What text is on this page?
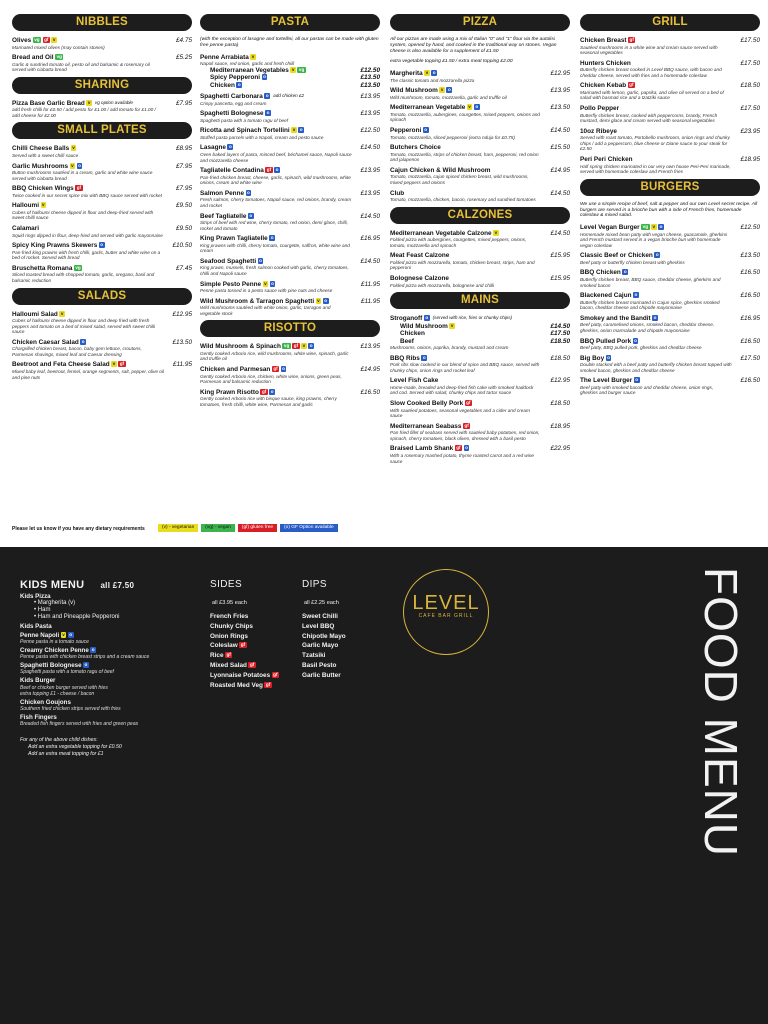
NIBBLES
Olives vg gf v	£4.75
Marinated mixed olives (may contain stones)
Bread and Oil vg	£5.25
Garlic & sundried tomato oil, pesto oil and balsamic & rosemary oil served with ciabatta bread
SHARING
Pizza Base Garlic Bread v vg option available	£7.95
add fresh chilli for £0.50 / add pesto for £1.00 / add tomato for £1.00 / add cheese for £2.00
SMALL PLATES
Chilli Cheese Balls v	£8.95
Served with a sweet chilli sauce
Garlic Mushrooms v o	£7.95
Button mushrooms sautéed in a cream, garlic and white wine sauce served with ciabatta bread
BBQ Chicken Wings gf	£7.95
Twice cooked in our secret spice mix with BBQ sauce served with rocket
Halloumi v	£9.50
Cubes of halloumi cheese dipped in flour and deep-fried served with sweet chilli sauce
Calamari	£9.50
Squid rings dipped in flour, deep-fried and served with garlic mayonnaise
Spicy King Prawns Skewers o	£10.50
Pan-fried king prawns with fresh chilli, garlic, butter and white wine on a bed of rocket. Served with bread
Bruschetta Romana vg	£7.45
Sliced toasted bread with chopped tomato, garlic, oregano, basil and balsamic reduction
SALADS
Halloumi Salad v	£12.95
Cubes of halloumi cheese dipped in flour and deep fried with fresh peppers and tomato on a bed of mixed salad, served with sweet chilli sauce
Chicken Caesar Salad o	£13.50
Chargrilled chicken breast, bacon, baby gem lettuce, croutons, Parmesan shavings, mixed leaf and Caesar dressing
Beetroot and Feta Cheese Salad v gf	£11.95
Mixed baby leaf, beetroot, fennel, orange segments, salt, pepper, olive oil and pine nuts
PASTA
(with the exception of lasagne and tortellini, all our pastas can be made with gluten free penne pasta)
Penne Arrabiata v
Napoli sauce, red onion, garlic and fresh chilli
Mediterranean Vegetables v vg	£12.50
Spicy Pepperoni o	£13.50
Chicken o	£13.50
Spaghetti Carbonara o add chicken £2	£13.95
Crispy pancetta, egg and cream
Spaghetti Bolognese o	£13.95
Spaghetti pasta with a tomato ragu of beef
Ricotta and Spinach Tortellini v o	£12.50
Stuffed pasta parcels with a Napoli, cream and pesto sauce
Lasagne o	£14.50
Oven baked layers of pasta, minced beef, béchamel sauce, Napoli sauce and mozzarella cheese
Tagliatelle Contadina gf o	£13.95
Pan-fried chicken breast, cheese, garlic, spinach, wild mushrooms, white onions, cream and white wine
Salmon Penne o	£13.95
Fresh salmon, cherry tomatoes, Napoli sauce, red onions, brandy, cream and rocket
Beef Tagliatelle o	£14.50
Strips of beef with red wine, cherry tomato, red onion, demi glace, chilli, rocket and tomato
King Prawn Tagliatelle o	£16.95
King prawns with chilli, cherry tomato, courgette, saffron, white wine and cream
Seafood Spaghetti o	£14.50
King prawn, mussels, fresh salmon cooked with garlic, cherry tomatoes, chilli and Napoli sauce
Simple Pesto Penne v o	£11.95
Penne pasta tossed in a pesto sauce with pine nuts and cheese
Wild Mushroom & Tarragon Spaghetti v o	£11.95
Wild mushrooms sautéed with white onion, garlic, tarragon and vegetable stock
RISOTTO
Wild Mushroom & Spinach vg gf v o	£13.95
Gently cooked Arborio rice, wild mushrooms, white wine, spinach, garlic and truffle oil
Chicken and Parmesan gf o	£14.95
Gently cooked Arborio rice, chicken, white wine, onions, green peas, Parmesan and balsamic reduction
King Prawn Risotto gf o	£16.50
Gently cooked Arborio rice with bisque sauce, king prawns, cherry tomatoes, fresh chilli, white wine, Parmesan and garlic
PIZZA
All our pizzas are made using a mix of Italian "0" and "1" flour via the autolisi system, opened by hand, and cooked in the traditional way on stones. Vegan cheese is also available for a supplement of £1.50
extra vegetable topping £1.50 / extra meat topping £2.00
Margherita v o	£12.95
The classic tomato and mozzarella pizza
Wild Mushroom v o	£13.95
Wild mushroom, tomato, mozzarella, garlic and truffle oil
Mediterranean Vegetable v o	£13.50
Tomato, mozzarella, aubergines, courgettes, mixed peppers, onions and spinach
Pepperoni o	£14.50
Tomato, mozzarella, sliced pepperoni (extra nduja for £0.75)
Butchers Choice	£15.50
Tomato, mozzarella, strips of chicken breast, ham, pepperoni, red onion and jalapenos
Cajun Chicken & Wild Mushroom	£14.95
Tomato, mozzarella, cajun spiced chicken breast, wild mushrooms, mixed peppers and onions
Club	£14.50
Tomato, mozzarella, chicken, bacon, rosemary and sundried tomatoes
CALZONES
Mediterranean Vegetable Calzone v	£14.50
Folded pizza with aubergines, courgettes, mixed peppers, onions, tomato, mozzarella and spinach
Meat Feast Calzone	£15.95
Folded pizza with mozzarella, tomato, chicken breast, strips, ham and pepperoni
Bolognese Calzone	£15.95
Folded pizza with mozzarella, bolognese and chilli
MAINS
Stroganoff o (served with rice, fries or chunky chips)
Wild Mushroom v	£14.50
Chicken	£17.50
Beef	£18.50
Mushrooms, onions, paprika, brandy, mustard and cream
BBQ Ribs o	£18.50
Pork ribs slow cooked in our blend of spice and BBQ sauce, served with chunky chips, onion rings and rocket leaf
Level Fish Cake	£12.95
Home-made, breaded and deep-fried fish cake with smoked haddock and cod. Served with salad, chunky chips and tartar sauce
Slow Cooked Belly Pork gf	£18.50
With sautéed potatoes, seasonal vegetables and a cider and cream sauce
Mediterranean Seabass gf	£18.95
Pan fried fillet of seabass served with sautéed baby potatoes, red onion, spinach, cherry tomatoes, black olives, dressed with a basil pesto
Braised Lamb Shank gf o	£22.95
With a rosemary mashed potato, thyme roasted carrot and a red wine sauce
GRILL
Chicken Breast gf	£17.50
Sautéed mushrooms in a white wine and cream sauce served with seasonal vegetables
Hunters Chicken	£17.50
Butterfly chicken breast cooked in Level BBQ sauce, with bacon and cheddar cheese, served with fries and a homemade coleslaw
Chicken Kebab gf	£18.50
Marinated with lemon, garlic, paprika, and olive oil served on a bed of salad with basmati rice and a tzatziki sauce
Pollo Pepper	£17.50
Butterfly chicken breast, cooked with peppercorns, brandy, French mustard, demi glace and cream served with seasonal vegetables
10oz Ribeye	£23.95
Served with roast tomato, Portobello mushroom, onion rings and chunky chips / add a peppercorn, blue cheese or Diane sauce to your steak for £2.50
Peri Peri Chicken	£18.95
Half spring chicken marinated in our very own house Peri-Peri marinade, served with homemade coleslaw and French fries
BURGERS
We use a simple recipe of beef, salt & pepper and our own Level secret recipe. All burgers are served in a brioche bun with a side of French fries, homemade coleslaw & mixed salad.
Level Vegan Burger vg v o	£12.50
Homemade mixed bean patty with vegan cheese, guacamole, gherkins and French mustard served in a vegan brioche bun with homemade vegan coleslaw
Classic Beef or Chicken o	£13.50
Beef patty or butterfly chicken breast with gherkins
BBQ Chicken o	£16.50
Butterfly chicken breast, BBQ sauce, cheddar cheese, gherkins and smoked bacon
Blackened Cajun o	£16.50
Butterfly chicken breast marinated in Cajun spice, gherkins smoked bacon, cheddar cheese and chipotle mayonnaise
Smokey and the Bandit o	£16.95
Beef patty, caramelised onions, smoked bacon, cheddar cheese, gherkins, onion marmalade and chipotle mayonnaise
BBQ Pulled Pork o	£16.50
Beef patty, BBQ pulled pork, gherkins and cheddar cheese
Big Boy o	£17.50
Double stacked with a beef patty and butterfly chicken breast topped with smoked bacon, gherkins and cheddar cheese
The Level Burger o	£16.50
Beef patty with smoked bacon and cheddar cheese, onion rings, gherkins and burger sauce
Please let us know if you have any dietary requirements	(v) - vegetarian	(vg) - vegan	(gf) gluten free	(o) GF Option available
KIDS MENU all £7.50
Kids Pizza
• Margherita (v)
• Ham
• Ham and Pineapple Pepperoni
Kids Pasta
Penne Napoli v o
Penne pasta in a tomato sauce
Creamy Chicken Penne o
Penne pasta with chicken breast strips and a cream sauce
Spaghetti Bolognese o
Spaghetti pasta with a tomato ragu of beef
Kids Burger
Beef or chicken burger served with fries
extra topping £1 - cheese / bacon
Chicken Goujons
Southern fried chicken strips served with fries
Fish Fingers
Breaded fish fingers served with fries and green peas
For any of the above child dishes:
Add an extra vegetable topping for £0.50
Add an extra meat topping for £1
SIDES
all £3.95 each
French Fries
Chunky Chips
Onion Rings
Coleslaw gf
Rice gf
Mixed Salad gf
Lyonnaise Potatoes gf
Roasted Med Veg gf
DIPS
all £2.25 each
Sweet Chilli
Level BBQ
Chipotle Mayo
Garlic Mayo
Tzatsiki
Basil Pesto
Garlic Butter
LEVEL
CAFE BAR GRILL	FOOD MENU
